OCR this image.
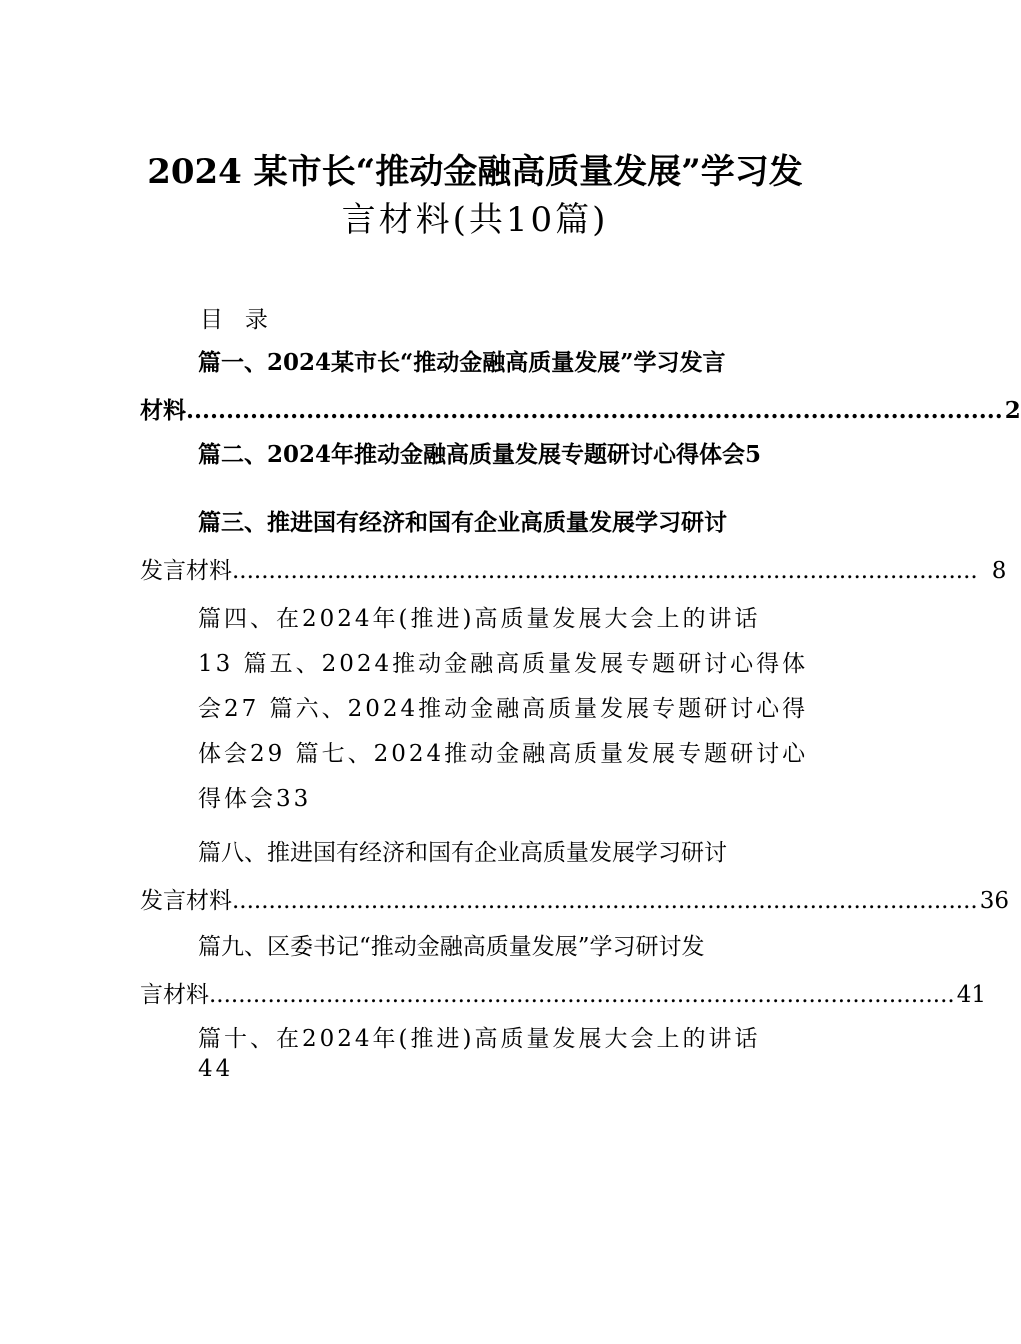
2024 某市长“推动金融高质量发展”学习发
言材料(共10篇)
目   录
篇一、2024某市长“推动金融高质量发展”学习发言
材料 ...................................................................................................... 2
篇二、2024年推动金融高质量发展专题研讨心得体会5
篇三、推进国有经济和国有企业高质量发展学习研讨
发言材料 ...................................................................................................... 8
篇四、在2024年(推进)高质量发展大会上的讲话
13 篇五、2024推动金融高质量发展专题研讨心得体
会27 篇六、2024推动金融高质量发展专题研讨心得
体会29 篇七、2024推动金融高质量发展专题研讨心
得体会33
篇八、推进国有经济和国有企业高质量发展学习研讨
发言材料 ...................................................................................................... 36
篇九、区委书记“推动金融高质量发展”学习研讨发
言材料 ...................................................................................................... 41
篇十、在2024年(推进)高质量发展大会上的讲话
44
